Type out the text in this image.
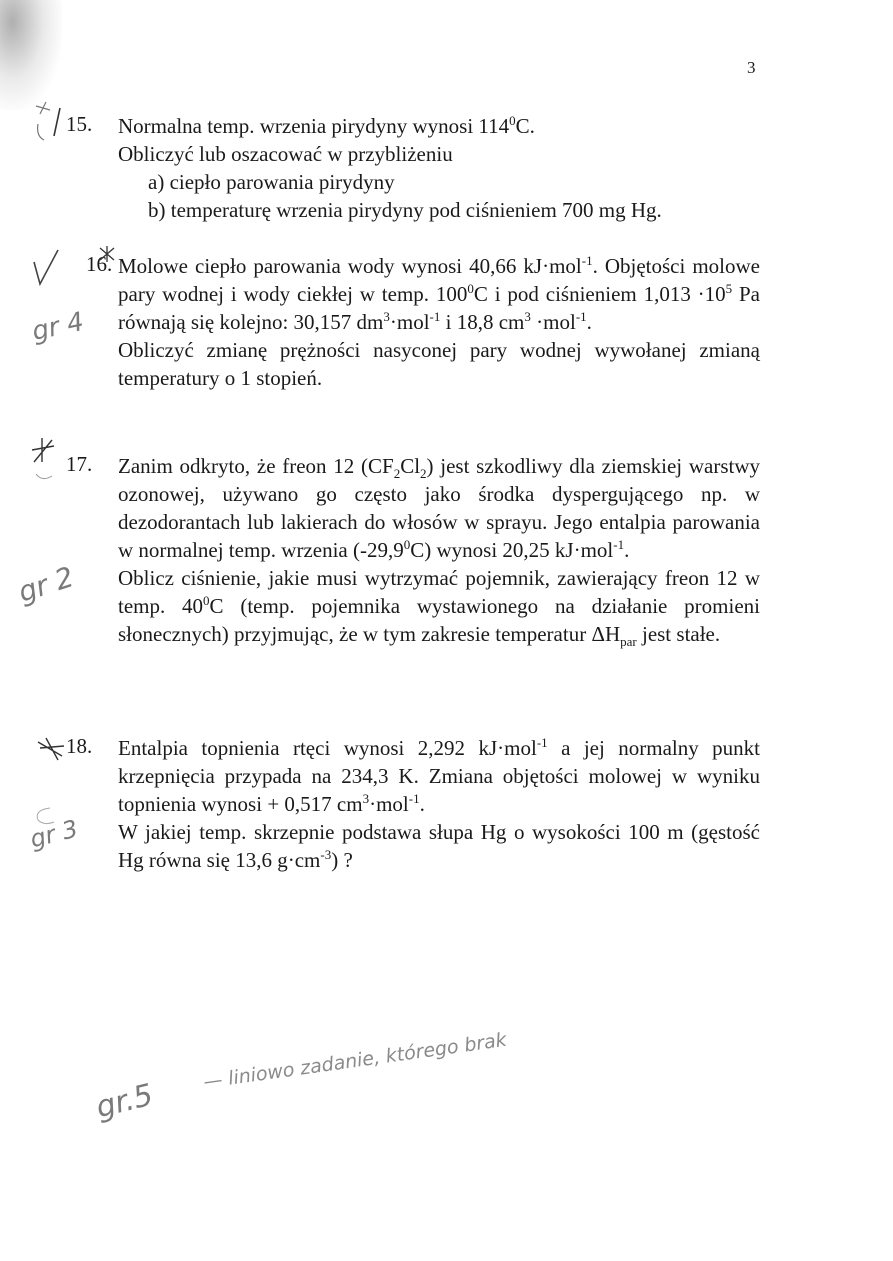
3
15. Normalna temp. wrzenia pirydyny wynosi $114^0C$.

Obliczyć lub oszacować w przybliżeniu

a) ciepło parowania pirydyny
b) temperaturę wrzenia pirydyny pod ciśnieniem 700 mg Hg.
16. Molowe ciepło parowania wody wynosi 40,66 kJ·mol$^{-1}$. Objętości molowe pary wodnej i wody ciekłej w temp. $100^0C$ i pod ciśnieniem $1,013 \cdot 10^5$ Pa równają się kolejno: 30,157 $dm^3\cdot mol^{-1}$ i 18,8 $cm^3 \cdot mol^{-1}$.

Obliczyć zmianę prężności nasyconej pary wodnej wywołanej zmianą temperatury o 1 stopień.

gr 4
17. Zanim odkryto, że freon 12 $(CF_2Cl_2)$ jest szkodliwy dla ziemskiej warstwy ozonowej, używano go często jako środka dyspergującego np. w dezodorantach lub lakierach do włosów w sprayu. Jego entalpia parowania w normalnej temp. wrzenia (-29,9$^0$C) wynosi 20,25 kJ·mol$^{-1}$.

Oblicz ciśnienie, jakie musi wytrzymać pojemnik, zawierający freon 12 w temp. $40^0C$ (temp. pojemnika wystawionego na działanie promieni słonecznych) przyjmując, że w tym zakresie temperatur $\Delta H_{par}$ jest stałe.

gr 2
18. Entalpia topnienia rtęci wynosi 2,292 kJ·mol$^{-1}$ a jej normalny punkt krzepnięcia przypada na 234,3 K. Zmiana objętości molowej w wyniku topnienia wynosi + 0,517 $cm^3\cdot mol^{-1}$.

W jakiej temp. skrzepnie podstawa słupa Hg o wysokości 100 m (gęstość Hg równa się 13,6 $g\cdot cm^{-3}$) ?

gr 3
gr.5
— liniowo zadanie, którego brak
